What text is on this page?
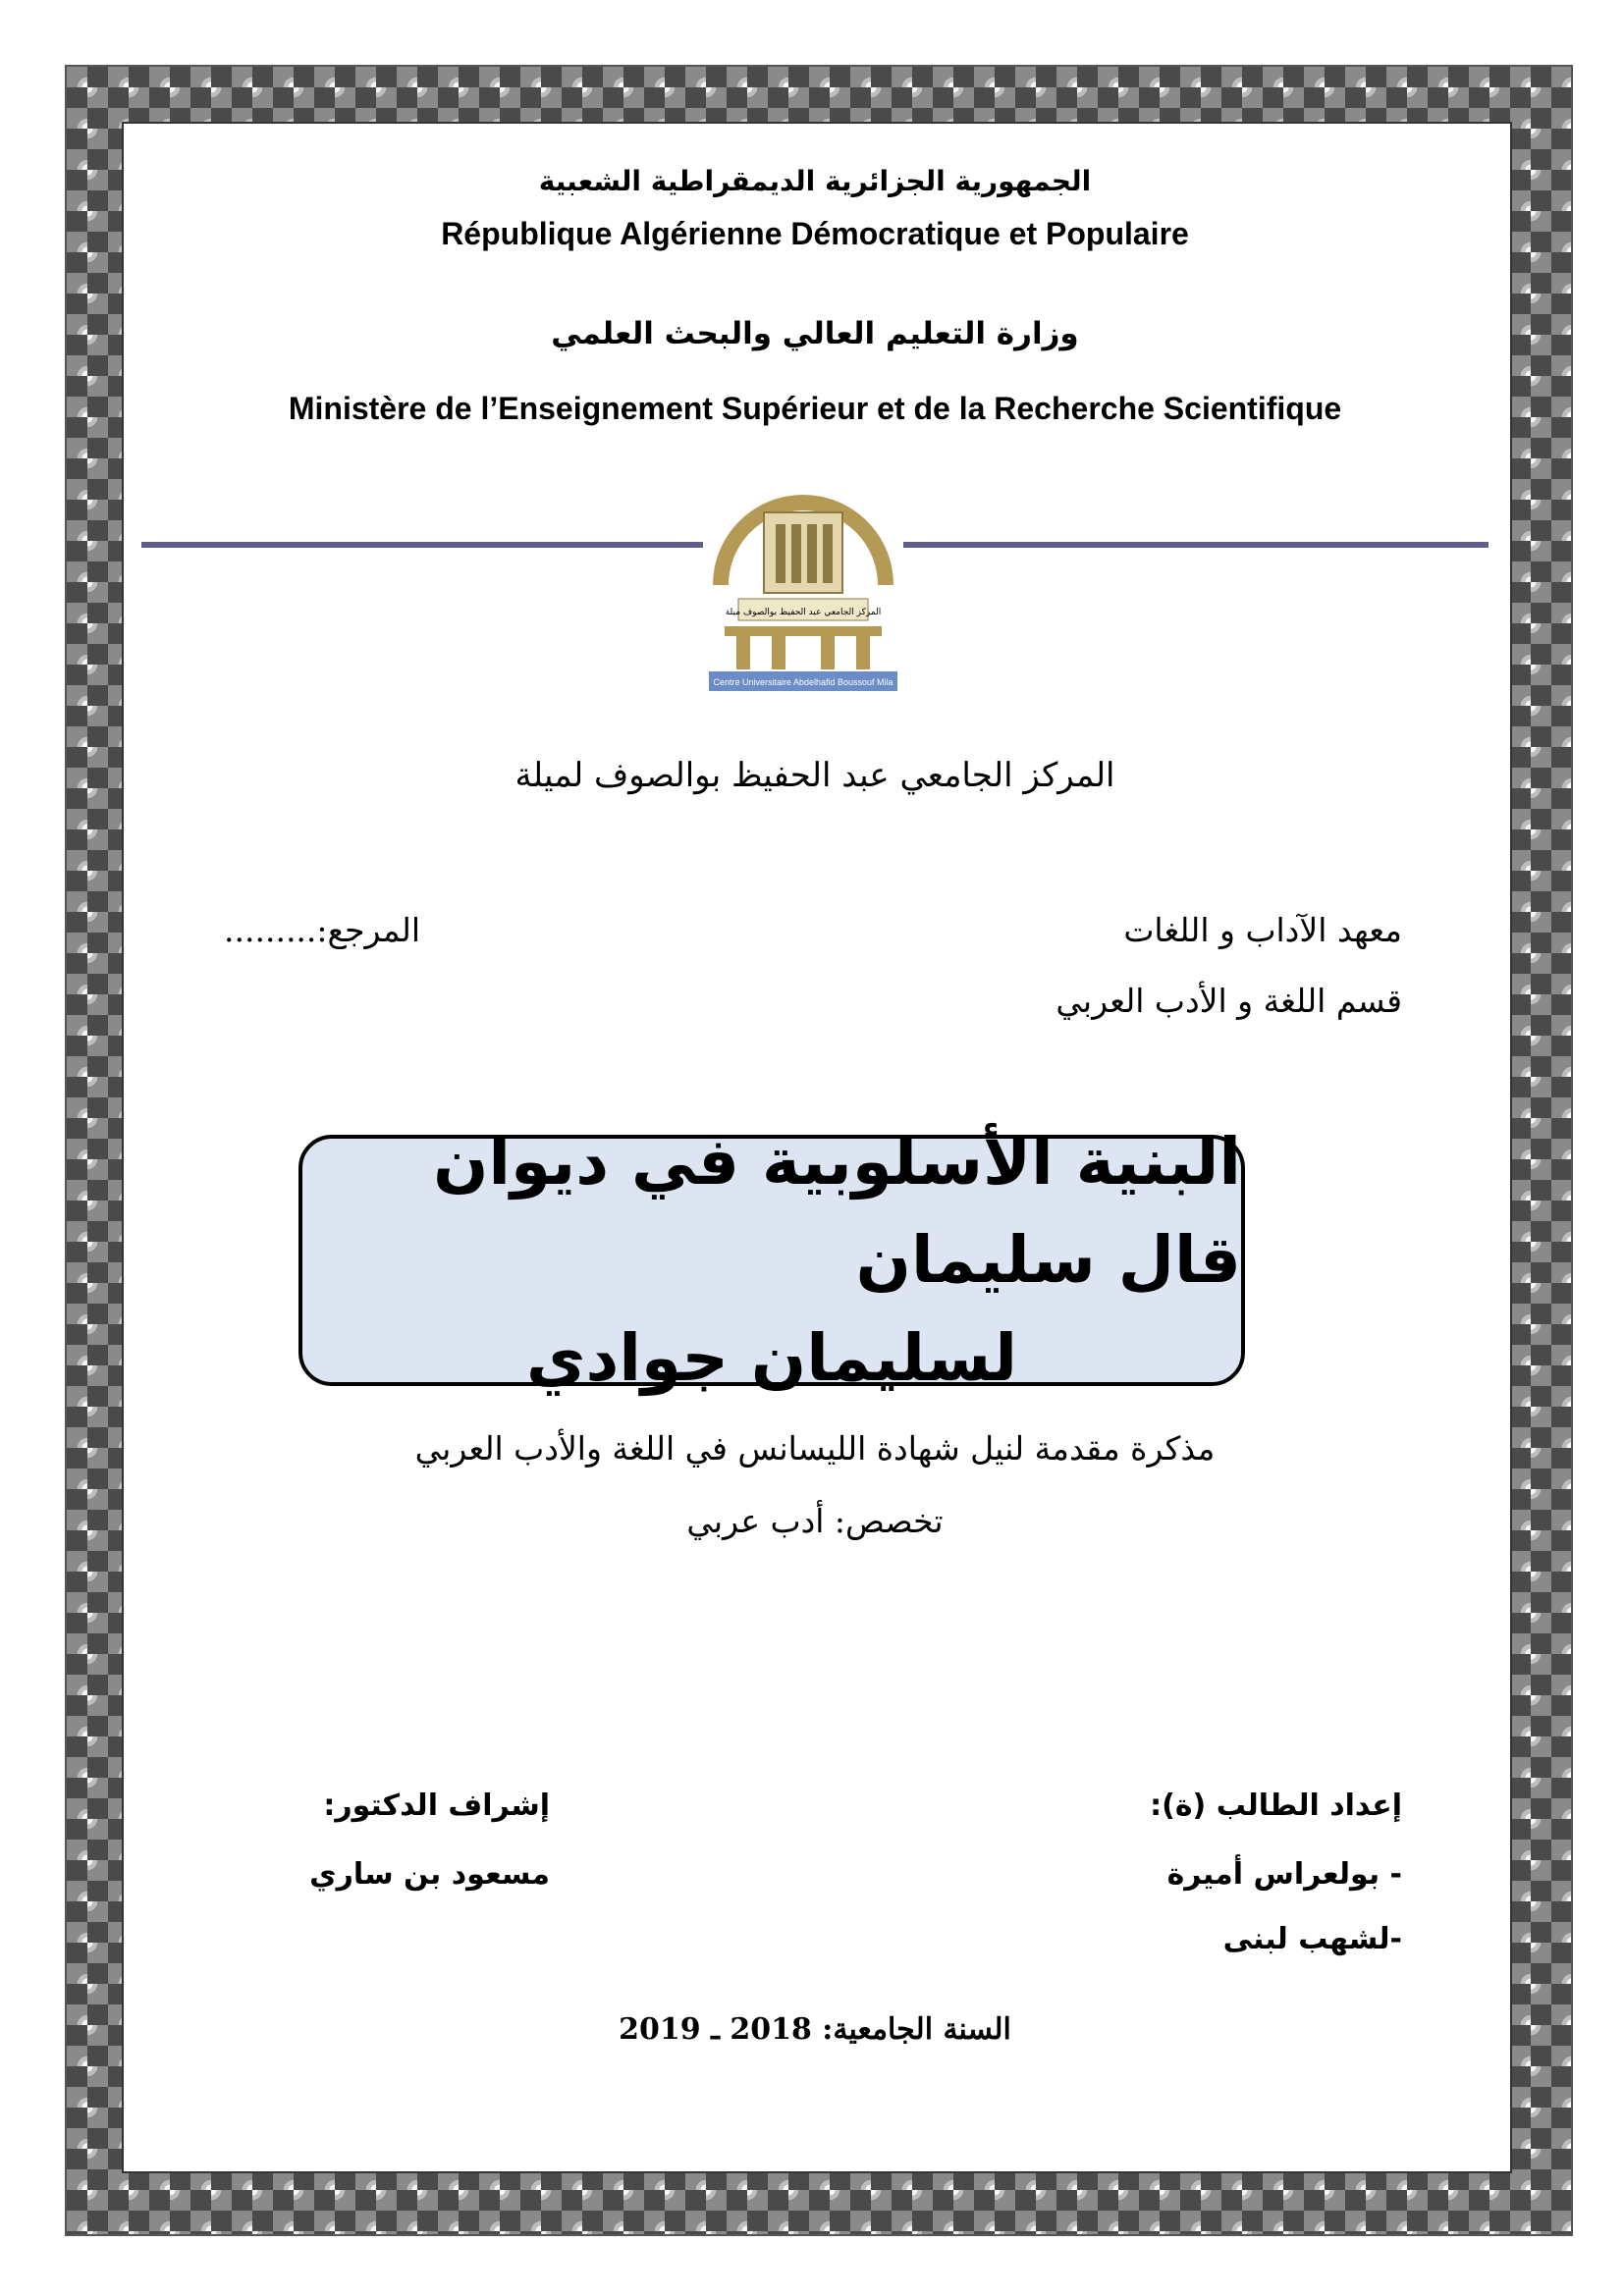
الجمهورية الجزائرية الديمقراطية الشعبية
République Algérienne Démocratique et Populaire
وزارة التعليم العالي والبحث العلمي
Ministère de l’Enseignement Supérieur et de la Recherche Scientifique
المركز الجامعي عبد الحفيظ بوالصوف ميلة
Centre Universitaire Abdelhafid Boussouf Mila
المركز الجامعي عبد الحفيظ بوالصوف لميلة
معهد الآداب و اللغات
قسم اللغة و الأدب العربي
المرجع:.........
البنية الأسلوبية في ديوان قال سليمان
لسليمان جوادي
مذكرة مقدمة لنيل شهادة الليسانس في اللغة والأدب العربي
تخصص: أدب عربي
إعداد الطالب (ة):
- بولعراس أميرة
-لشهب لبنى
إشراف الدكتور:
مسعود بن ساري
السنة الجامعية: 2018 ـ 2019
